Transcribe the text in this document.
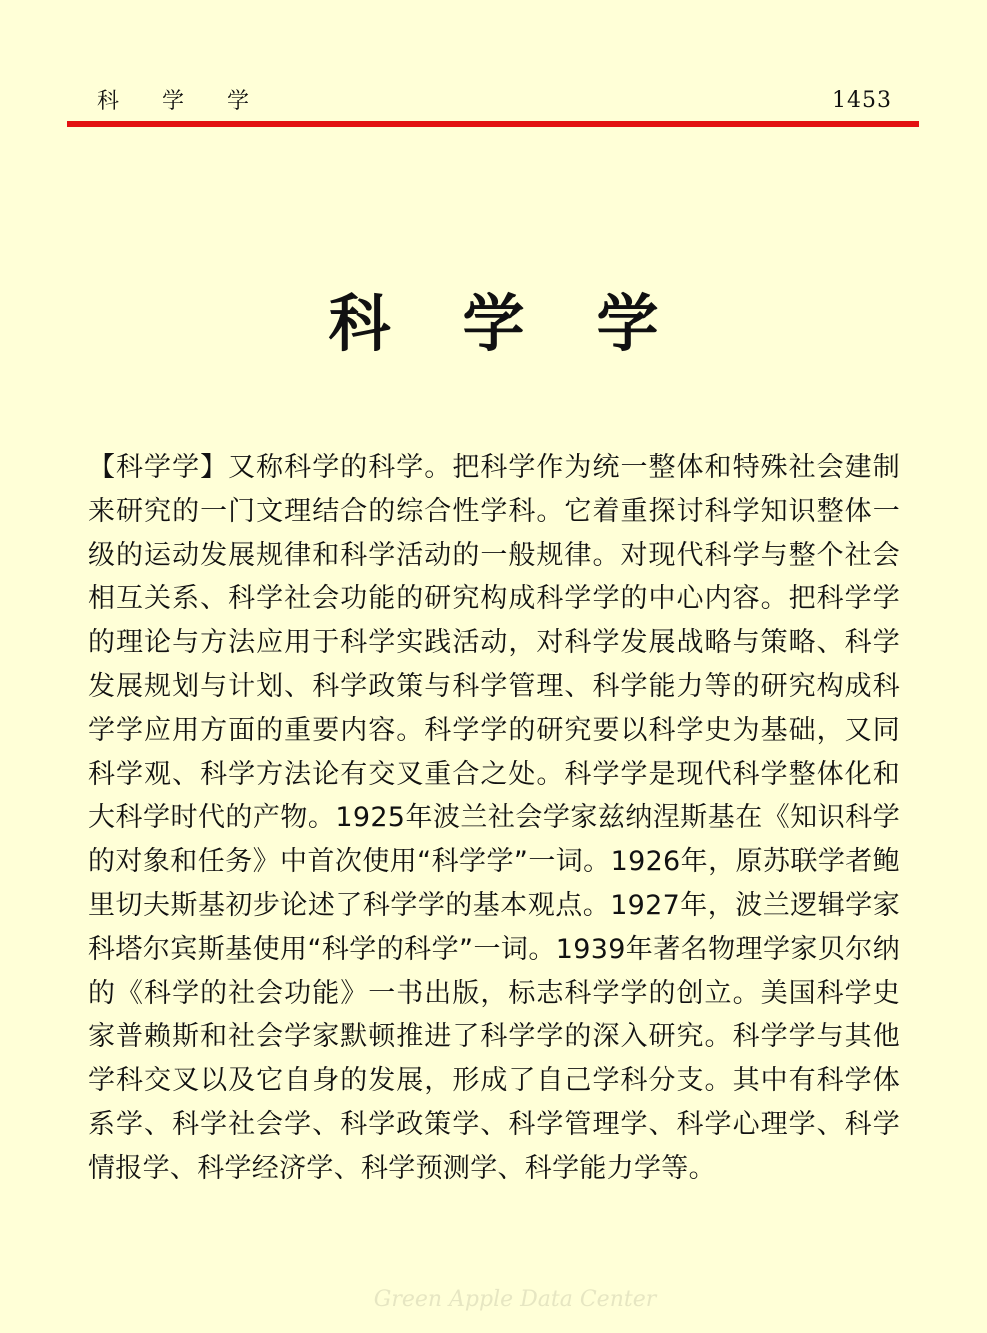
科 学 学	1453
科学学

【科学学】又称科学的科学。把科学作为统一整体和特殊社会建制来研究的一门文理结合的综合性学科。它着重探讨科学知识整体一级的运动发展规律和科学活动的一般规律。对现代科学与整个社会相互关系、科学社会功能的研究构成科学学的中心内容。把科学学的理论与方法应用于科学实践活动，对科学发展战略与策略、科学发展规划与计划、科学政策与科学管理、科学能力等的研究构成科学学应用方面的重要内容。科学学的研究要以科学史为基础，又同科学观、科学方法论有交叉重合之处。科学学是现代科学整体化和大科学时代的产物。1925年波兰社会学家兹纳涅斯基在《知识科学的对象和任务》中首次使用“科学学”一词。1926年，原苏联学者鲍里切夫斯基初步论述了科学学的基本观点。1927年，波兰逻辑学家科塔尔宾斯基使用“科学的科学”一词。1939年著名物理学家贝尔纳的《科学的社会功能》一书出版，标志科学学的创立。美国科学史家普赖斯和社会学家默顿推进了科学学的深入研究。科学学与其他学科交叉以及它自身的发展，形成了自己学科分支。其中有科学体系学、科学社会学、科学政策学、科学管理学、科学心理学、科学情报学、科学经济学、科学预测学、科学能力学等。

Green Apple Data Center
